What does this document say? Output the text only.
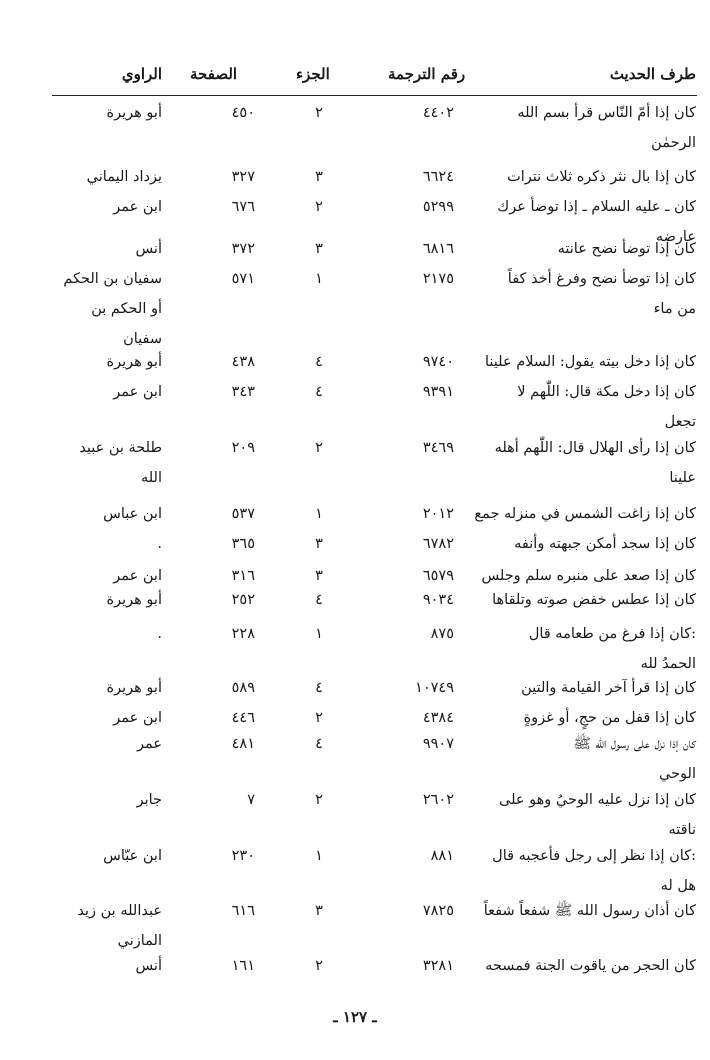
طرف الحديث
رقم الترجمة
الجزء
الصفحة
الراوي
كان إذا أمّ النّاس قرأ بسم الله
الرحمٰن
٤٤٠٢
٢
٤٥٠
أبو هريرة
كان إذا بال نثر ذكره ثلاث نترات
٦٦٢٤
٣
٣٢٧
يزداد اليماني
كان ـ عليه السلام ـ إذا توضأ عرك
عارضه
٥٢٩٩
٢
٦٧٦
ابن عمر
كان إذا توضأ نضح عانته
٦٨١٦
٣
٣٧٢
أنس
كان إذا توضأ نضح وفرغ أخذ كفاً
من ماء
٢١٧٥
١
٥٧١
سفيان بن الحكم
أو الحكم بن
سفيان
كان إذا دخل بيته يقول: السلام علينا
٩٧٤٠
٤
٤٣٨
أبو هريرة
كان إذا دخل مكة قال: اللّٰهم لا
تجعل
٩٣٩١
٤
٣٤٣
ابن عمر
كان إذا رأى الهلال قال: اللّٰهم أهله
علينا
٣٤٦٩
٢
٢٠٩
طلحة بن عبيد
الله
كان إذا زاغت الشمس في منزله جمع
٢٠١٢
١
٥٣٧
ابن عباس
كان إذا سجد أمكن جبهته وأنفه
٦٧٨٢
٣
٣٦٥
.
كان إذا صعد على منبره سلم وجلس
٦٥٧٩
٣
٣١٦
ابن عمر
كان إذا عطس خفض صوته وتلقاها
٩٠٣٤
٤
٢٥٢
أبو هريرة
كان إذا فرغ من طعامه قال:
الحمدُ لله
٨٧٥
١
٢٢٨
.
كان إذا قرأ آخر القيامة والتين
١٠٧٤٩
٤
٥٨٩
أبو هريرة
كان إذا قفل من حجٍ، أو غزوةٍ
٤٣٨٤
٢
٤٤٦
ابن عمر
كان إذا نزل على رسول الله ﷺ
الوحي
٩٩٠٧
٤
٤٨١
عمر
كان إذا نزل عليه الوحيُ وهو على
ناقته
٢٦٠٢
٢
٧
جابر
كان إذا نظر إلى رجل فأعجبه قال:
هل له
٨٨١
١
٢٣٠
ابن عبّاس
كان أذان رسول الله ﷺ شفعاً شفعاً
٧٨٢٥
٣
٦١٦
عبدالله بن زيد
المازني
كان الحجر من ياقوت الجنة فمسحه
٣٢٨١
٢
١٦١
أنس
ـ ١٢٧ ـ
